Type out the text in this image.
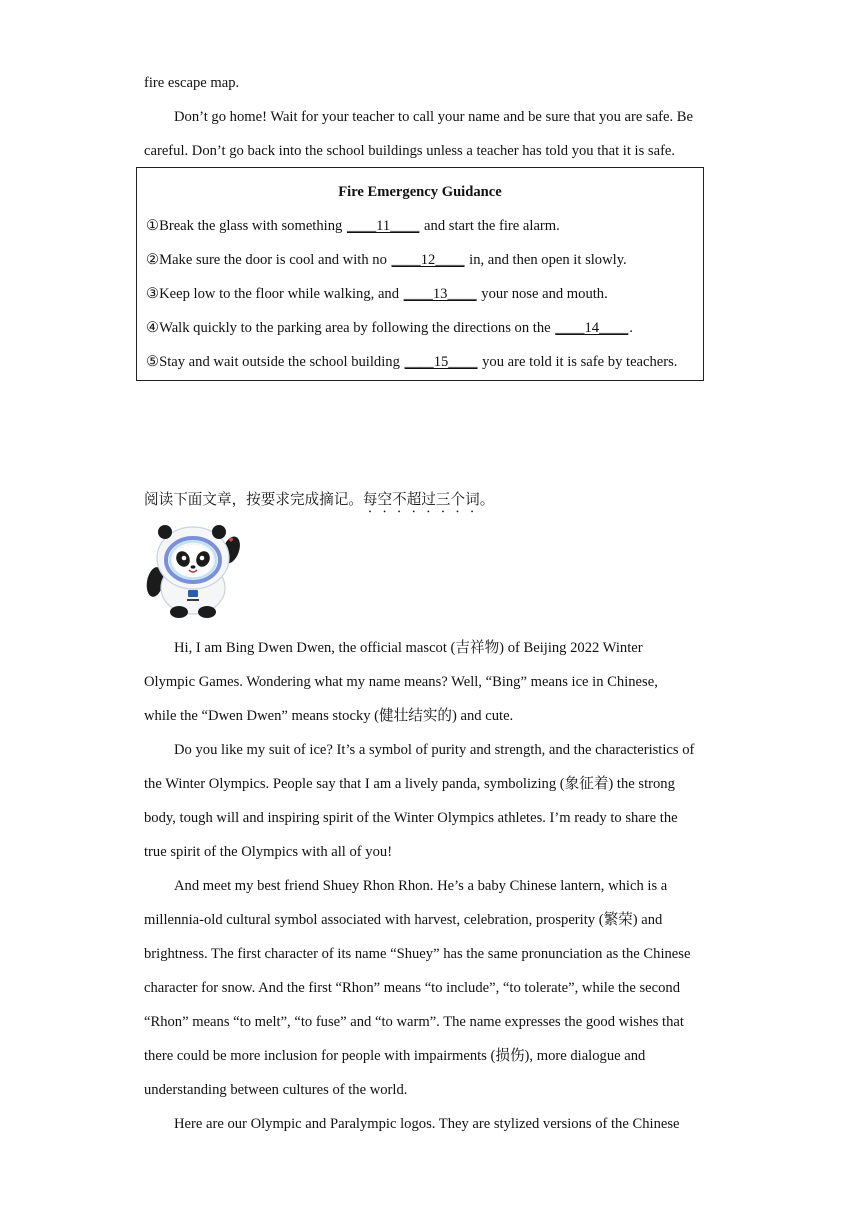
fire escape map.
Don’t go home! Wait for your teacher to call your name and be sure that you are safe. Be
careful. Don’t go back into the school buildings unless a teacher has told you that it is safe.
Fire Emergency Guidance
①Break the glass with something ____11____ and start the fire alarm.
②Make sure the door is cool and with no ____12____ in, and then open it slowly.
③Keep low to the floor while walking, and ____13____ your nose and mouth.
④Walk quickly to the parking area by following the directions on the ____14____.
⑤Stay and wait outside the school building ____15____ you are told it is safe by teachers.
阅读下面文章，按要求完成摘记。每空不超过三个词。
Hi, I am Bing Dwen Dwen, the official mascot (吉祥物) of Beijing 2022 Winter
Olympic Games. Wondering what my name means? Well, “Bing” means ice in Chinese,
while the “Dwen Dwen” means stocky (健壮结实的) and cute.
Do you like my suit of ice? It’s a symbol of purity and strength, and the characteristics of
the Winter Olympics. People say that I am a lively panda, symbolizing (象征着) the strong
body, tough will and inspiring spirit of the Winter Olympics athletes. I’m ready to share the
true spirit of the Olympics with all of you!
And meet my best friend Shuey Rhon Rhon. He’s a baby Chinese lantern, which is a
millennia-old cultural symbol associated with harvest, celebration, prosperity (繁荣) and
brightness. The first character of its name “Shuey” has the same pronunciation as the Chinese
character for snow. And the first “Rhon” means “to include”, “to tolerate”, while the second
“Rhon” means “to melt”, “to fuse” and “to warm”. The name expresses the good wishes that
there could be more inclusion for people with impairments (损伤), more dialogue and
understanding between cultures of the world.
Here are our Olympic and Paralympic logos. They are stylized versions of the Chinese
